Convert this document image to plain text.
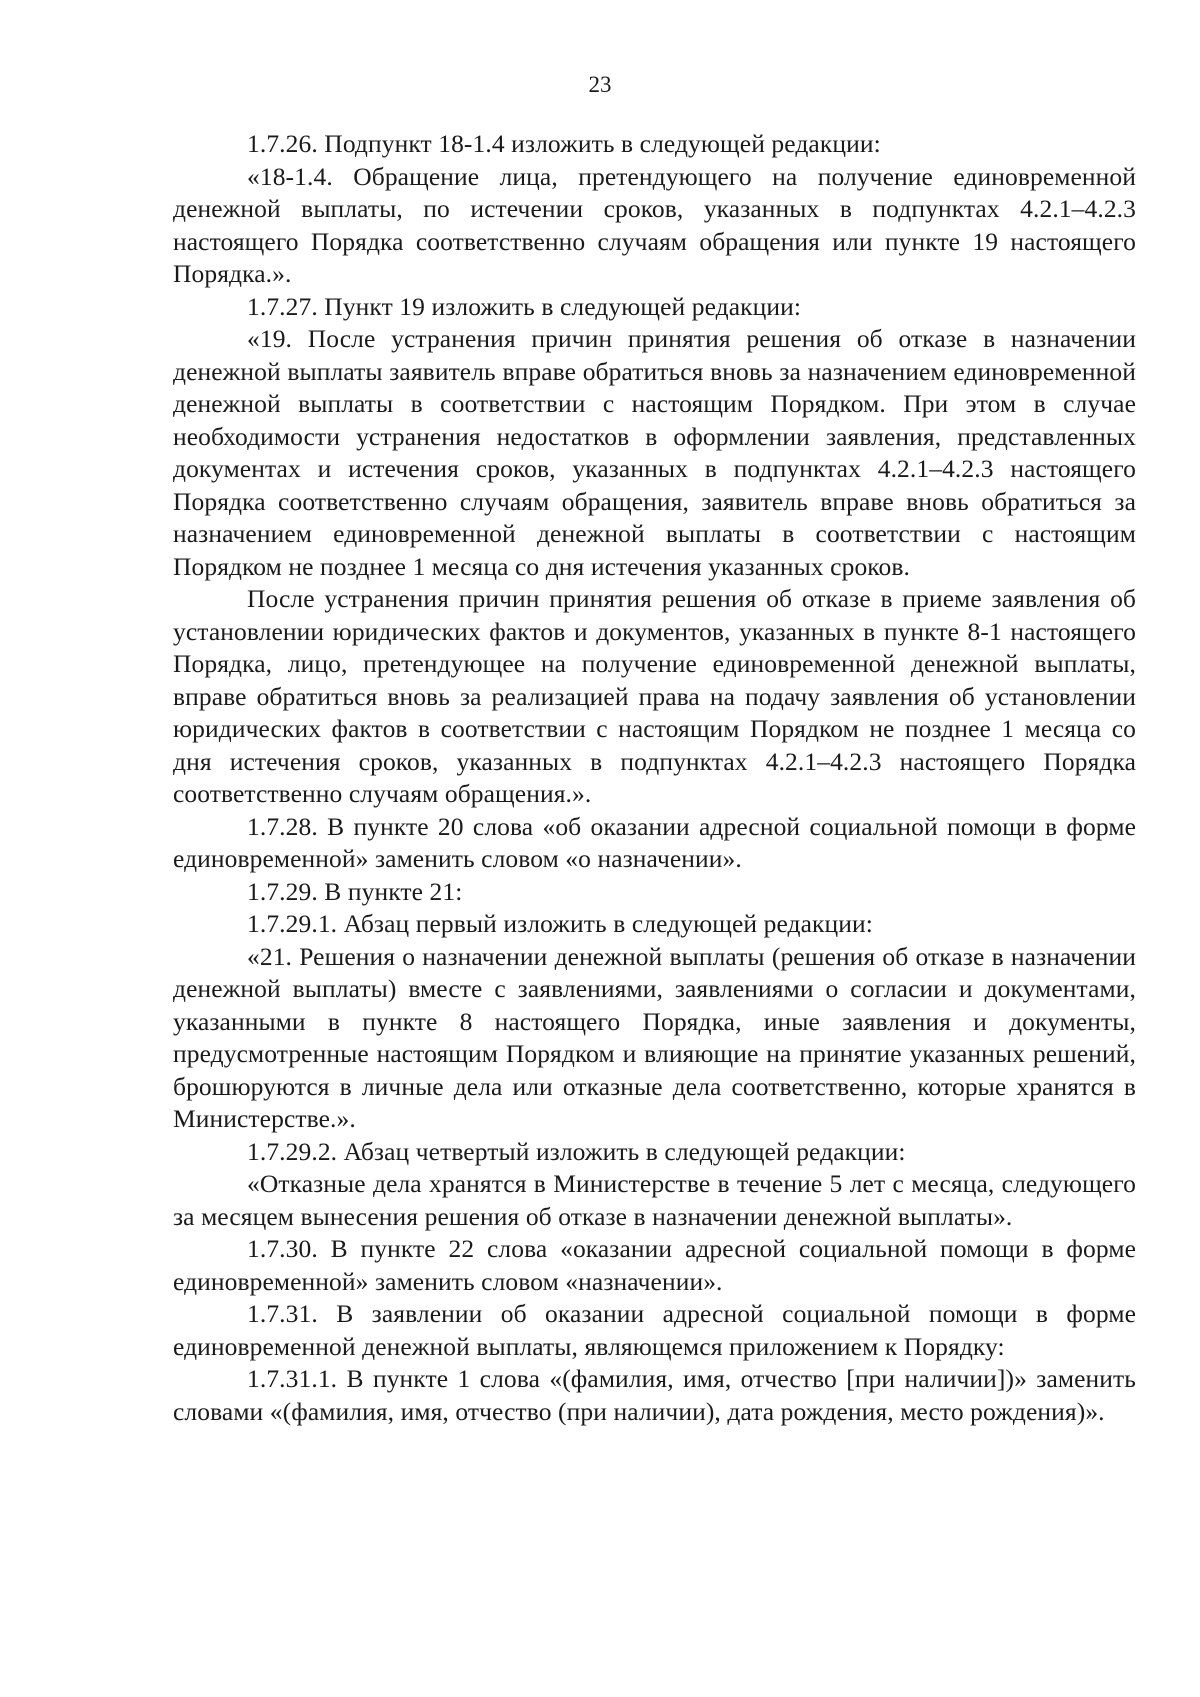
23

1.7.26. Подпункт 18-1.4 изложить в следующей редакции:

«18-1.4. Обращение лица, претендующего на получение единовременной денежной выплаты, по истечении сроков, указанных в подпунктах 4.2.1–4.2.3 настоящего Порядка соответственно случаям обращения или пункте 19 настоящего Порядка.».

1.7.27. Пункт 19 изложить в следующей редакции:

«19. После устранения причин принятия решения об отказе в назначении денежной выплаты заявитель вправе обратиться вновь за назначением единовременной денежной выплаты в соответствии с настоящим Порядком. При этом в случае необходимости устранения недостатков в оформлении заявления, представленных документах и истечения сроков, указанных в подпунктах 4.2.1–4.2.3 настоящего Порядка соответственно случаям обращения, заявитель вправе вновь обратиться за назначением единовременной денежной выплаты в соответствии с настоящим Порядком не позднее 1 месяца со дня истечения указанных сроков.

После устранения причин принятия решения об отказе в приеме заявления об установлении юридических фактов и документов, указанных в пункте 8-1 настоящего Порядка, лицо, претендующее на получение единовременной денежной выплаты, вправе обратиться вновь за реализацией права на подачу заявления об установлении юридических фактов в соответствии с настоящим Порядком не позднее 1 месяца со дня истечения сроков, указанных в подпунктах 4.2.1–4.2.3 настоящего Порядка соответственно случаям обращения.».

1.7.28. В пункте 20 слова «об оказании адресной социальной помощи в форме единовременной» заменить словом «о назначении».

1.7.29. В пункте 21:

1.7.29.1. Абзац первый изложить в следующей редакции:

«21. Решения о назначении денежной выплаты (решения об отказе в назначении денежной выплаты) вместе с заявлениями, заявлениями о согласии и документами, указанными в пункте 8 настоящего Порядка, иные заявления и документы, предусмотренные настоящим Порядком и влияющие на принятие указанных решений, брошюруются в личные дела или отказные дела соответственно, которые хранятся в Министерстве.».

1.7.29.2. Абзац четвертый изложить в следующей редакции:

«Отказные дела хранятся в Министерстве в течение 5 лет с месяца, следующего за месяцем вынесения решения об отказе в назначении денежной выплаты».

1.7.30. В пункте 22 слова «оказании адресной социальной помощи в форме единовременной» заменить словом «назначении».

1.7.31. В заявлении об оказании адресной социальной помощи в форме единовременной денежной выплаты, являющемся приложением к Порядку:

1.7.31.1. В пункте 1 слова «(фамилия, имя, отчество [при наличии])» заменить словами «(фамилия, имя, отчество (при наличии), дата рождения, место рождения)».
